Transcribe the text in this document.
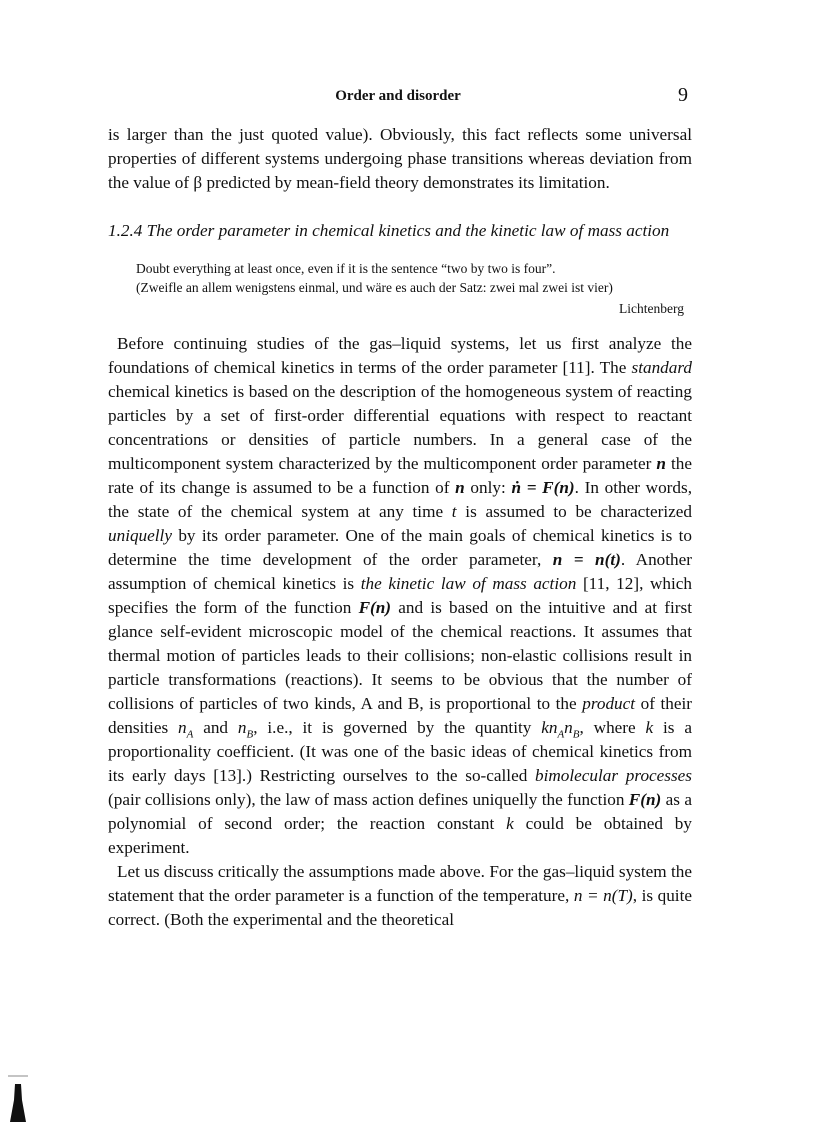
Order and disorder	9

is larger than the just quoted value). Obviously, this fact reflects some universal properties of different systems undergoing phase transitions whereas deviation from the value of β predicted by mean-field theory demonstrates its limitation.

1.2.4 The order parameter in chemical kinetics and the kinetic law of mass action

Doubt everything at least once, even if it is the sentence “two by two is four”.

(Zweifle an allem wenigstens einmal, und wäre es auch der Satz: zwei mal zwei ist vier)

Lichtenberg

Before continuing studies of the gas–liquid systems, let us first analyze the foundations of chemical kinetics in terms of the order parameter [11]. The standard chemical kinetics is based on the description of the homogeneous system of reacting particles by a set of first-order differential equations with respect to reactant concentrations or densities of particle numbers. In a general case of the multicomponent system characterized by the multicomponent order parameter n the rate of its change is assumed to be a function of n only: ṅ = F(n). In other words, the state of the chemical system at any time t is assumed to be characterized uniquelly by its order parameter. One of the main goals of chemical kinetics is to determine the time development of the order parameter, n = n(t). Another assumption of chemical kinetics is the kinetic law of mass action [11, 12], which specifies the form of the function F(n) and is based on the intuitive and at first glance self-evident microscopic model of the chemical reactions. It assumes that thermal motion of particles leads to their collisions; non-elastic collisions result in particle transformations (reactions). It seems to be obvious that the number of collisions of particles of two kinds, A and B, is proportional to the product of their densities $n_A$ and $n_B$, i.e., it is governed by the quantity $kn_An_B$, where k is a proportionality coefficient. (It was one of the basic ideas of chemical kinetics from its early days [13].) Restricting ourselves to the so-called bimolecular processes (pair collisions only), the law of mass action defines uniquelly the function F(n) as a polynomial of second order; the reaction constant k could be obtained by experiment.

Let us discuss critically the assumptions made above. For the gas–liquid system the statement that the order parameter is a function of the temperature, n = n(T), is quite correct. (Both the experimental and the theoretical
